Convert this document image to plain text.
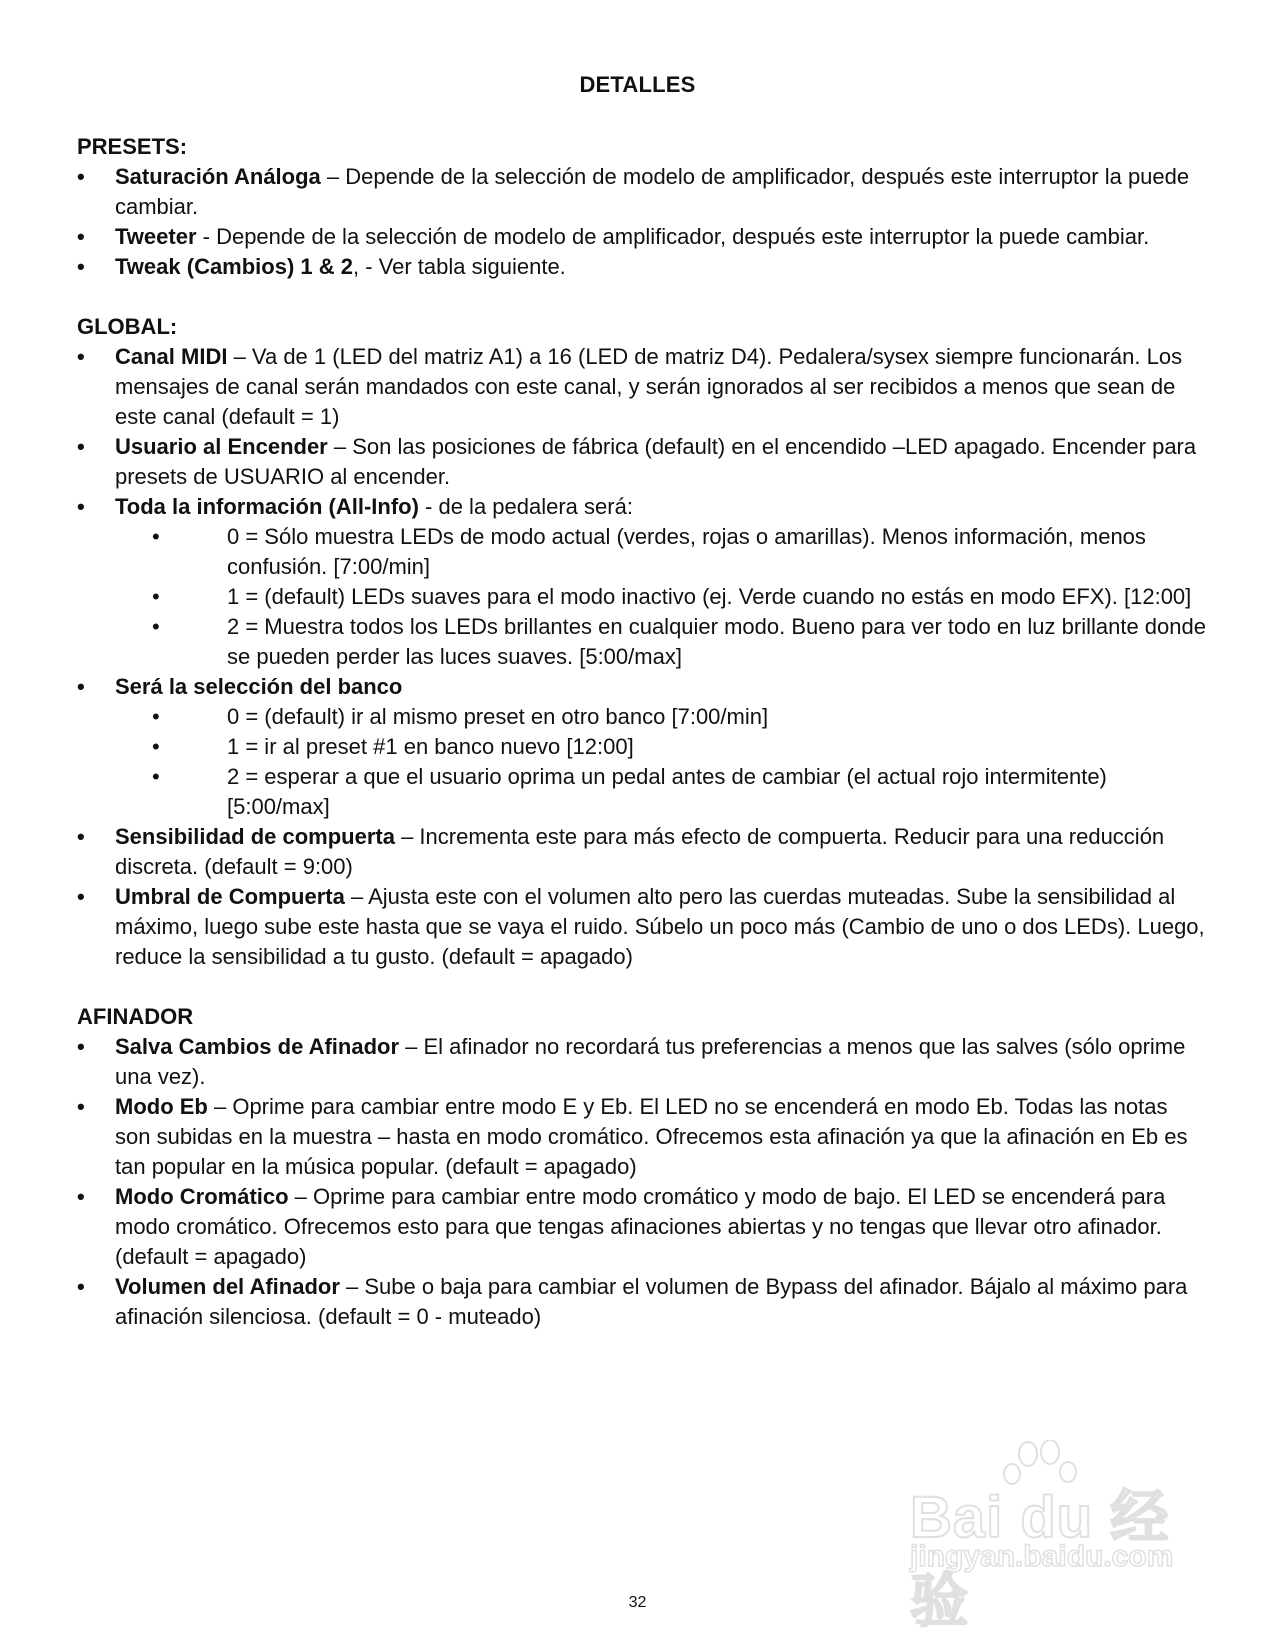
DETALLES

PRESETS:

• Saturación Análoga – Depende de la selección de modelo de amplificador, después este interruptor la puede cambiar.
• Tweeter - Depende de la selección de modelo de amplificador, después este interruptor la puede cambiar.
• Tweak (Cambios) 1 & 2, - Ver tabla siguiente.

GLOBAL:

• Canal MIDI – Va de 1 (LED del matriz A1) a 16 (LED de matriz D4). Pedalera/sysex siempre funcionarán. Los mensajes de canal serán mandados con este canal, y serán ignorados al ser recibidos a menos que sean de este canal (default = 1)
• Usuario al Encender – Son las posiciones de fábrica (default) en el encendido –LED apagado. Encender para presets de USUARIO al encender.
• Toda la información (All-Info) - de la pedalera será:
•	0 = Sólo muestra LEDs de modo actual (verdes, rojas o amarillas). Menos información, menos confusión. [7:00/min]
•	1 = (default) LEDs suaves para el modo inactivo (ej. Verde cuando no estás en modo EFX). [12:00]
•	2 = Muestra todos los LEDs brillantes en cualquier modo. Bueno para ver todo en luz brillante donde se pueden perder las luces suaves. [5:00/max]
• Será la selección del banco
•	0 = (default) ir al mismo preset en otro banco [7:00/min]
•	1 = ir al preset #1 en banco nuevo [12:00]
•	2 = esperar a que el usuario oprima un pedal antes de cambiar (el actual rojo intermitente) [5:00/max]
• Sensibilidad de compuerta – Incrementa este para más efecto de compuerta. Reducir para una reducción discreta. (default = 9:00)
• Umbral de Compuerta – Ajusta este con el volumen alto pero las cuerdas muteadas. Sube la sensibilidad al máximo, luego sube este hasta que se vaya el ruido. Súbelo un poco más (Cambio de uno o dos LEDs). Luego, reduce la sensibilidad a tu gusto. (default = apagado)

AFINADOR

• Salva Cambios de Afinador – El afinador no recordará tus preferencias a menos que las salves (sólo oprime una vez).
• Modo Eb – Oprime para cambiar entre modo E y Eb. El LED no se encenderá en modo Eb. Todas las notas son subidas en la muestra – hasta en modo cromático. Ofrecemos esta afinación ya que la afinación en Eb es tan popular en la música popular. (default = apagado)
• Modo Cromático – Oprime para cambiar entre modo cromático y modo de bajo. El LED se encenderá para modo cromático. Ofrecemos esto para que tengas afinaciones abiertas y no tengas que llevar otro afinador. (default = apagado)
• Volumen del Afinador – Sube o baja para cambiar el volumen de Bypass del afinador. Bájalo al máximo para afinación silenciosa. (default = 0 - muteado)
Bai du 经验
jingyan.baidu.com
32
